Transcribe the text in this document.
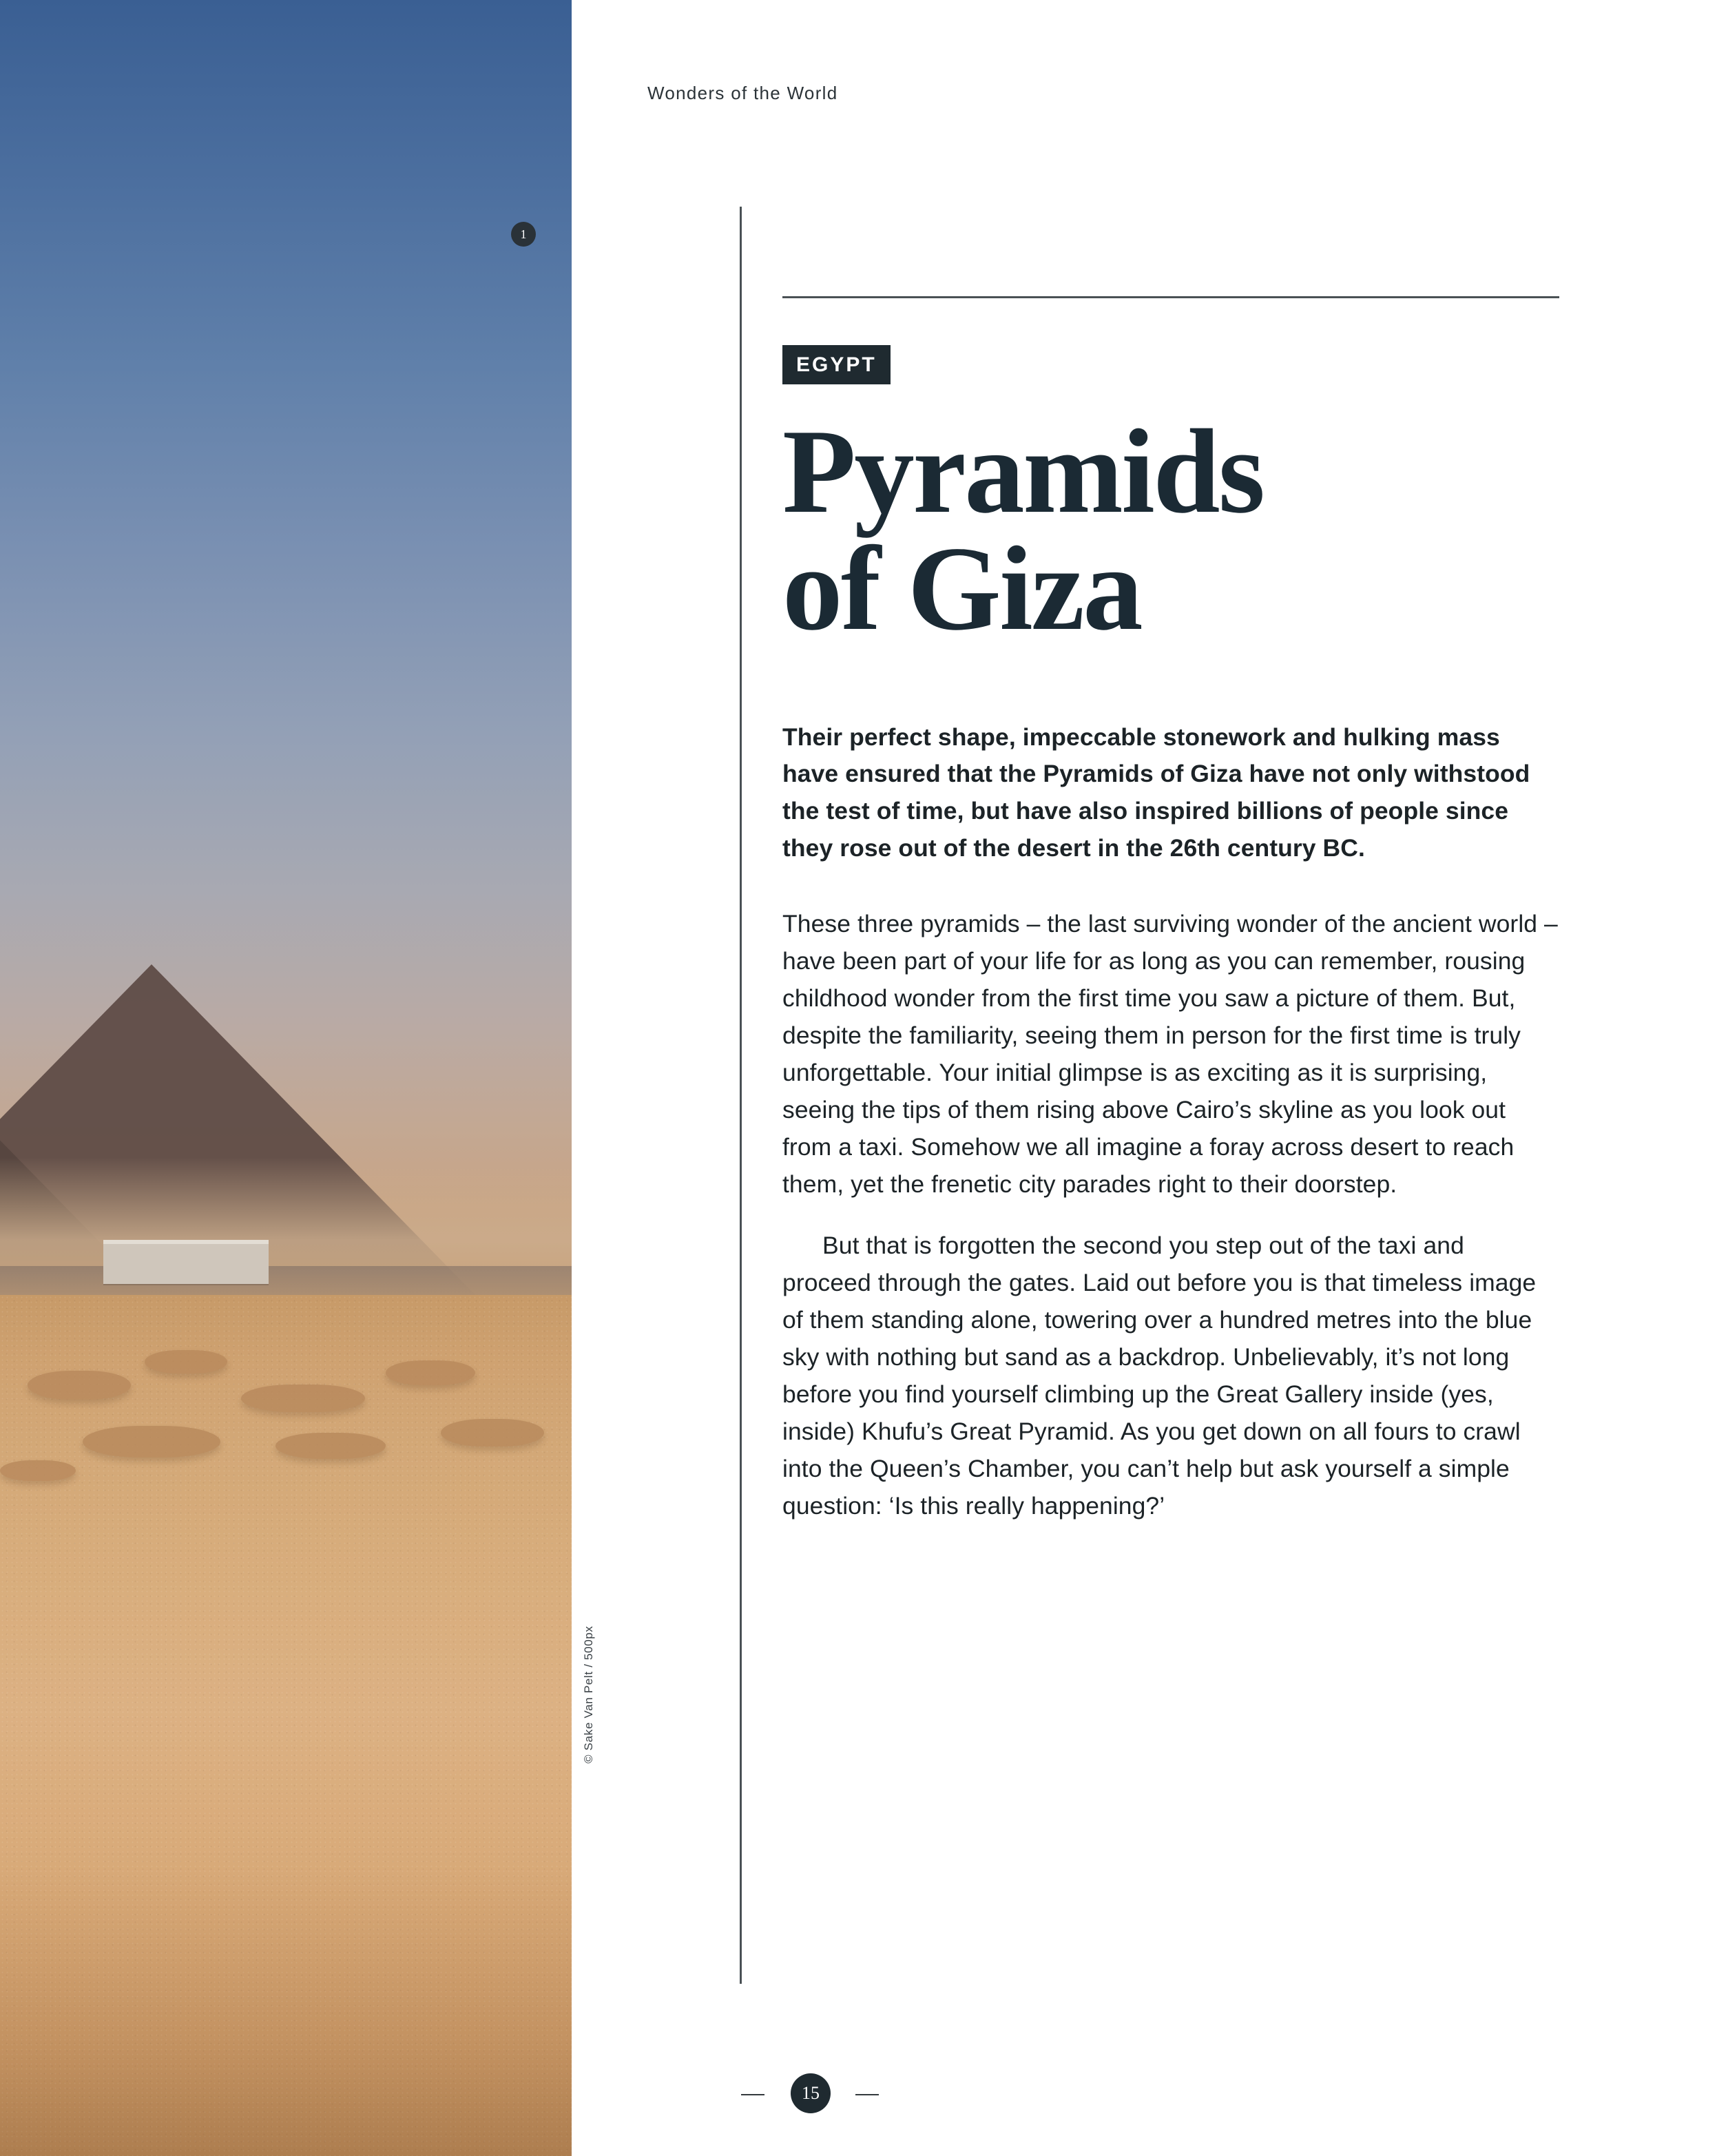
1
© Sake Van Pelt / 500px
Wonders of the World
EGYPT
Pyramids
of Giza

Their perfect shape, impeccable stonework and hulking mass have ensured that the Pyramids of Giza have not only withstood the test of time, but have also inspired billions of people since they rose out of the desert in the 26th century BC.

These three pyramids – the last surviving wonder of the ancient world – have been part of your life for as long as you can remember, rousing childhood wonder from the first time you saw a picture of them. But, despite the familiarity, seeing them in person for the first time is truly unforgettable. Your initial glimpse is as exciting as it is surprising, seeing the tips of them rising above Cairo’s skyline as you look out from a taxi. Somehow we all imagine a foray across desert to reach them, yet the frenetic city parades right to their doorstep.

But that is forgotten the second you step out of the taxi and proceed through the gates. Laid out before you is that timeless image of them standing alone, towering over a hundred metres into the blue sky with nothing but sand as a backdrop. Unbelievably, it’s not long before you find yourself climbing up the Great Gallery inside (yes, inside) Khufu’s Great Pyramid. As you get down on all fours to crawl into the Queen’s Chamber, you can’t help but ask yourself a simple question: ‘Is this really happening?’

15
